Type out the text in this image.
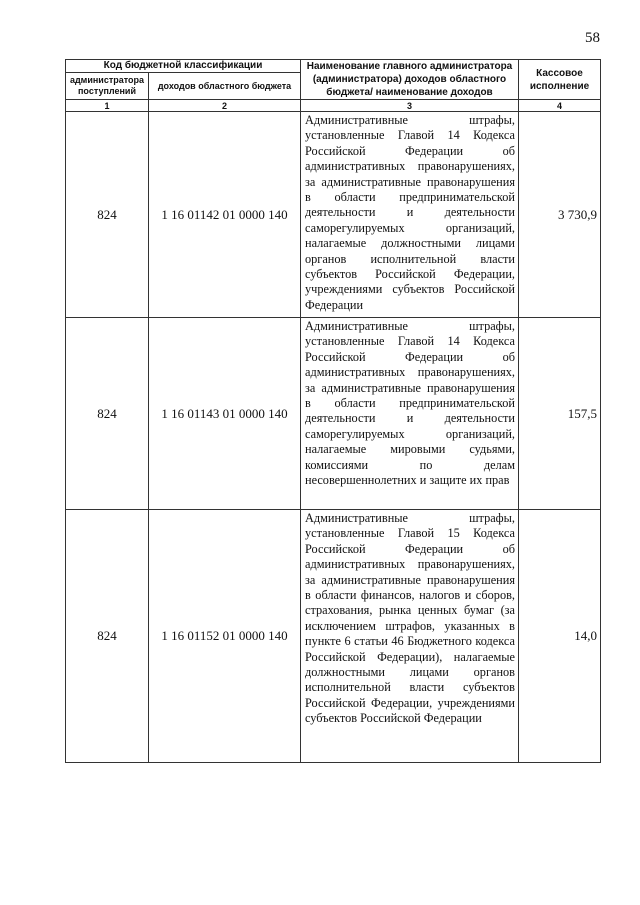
58
Код бюджетной классификации		Наименование главного администратора (администратора) доходов областного бюджета/ наименование доходов	Кассовое исполнение
администратора поступлений	доходов областного бюджета		
1	2	3	4
824	1 16 01142 01 0000 140	Административные штрафы, установленные Главой 14 Кодекса Российской Федерации об административных правонарушениях, за административные правонарушения в области предпринимательской деятельности и деятельности саморегулируемых организаций, налагаемые должностными лицами органов исполнительной власти субъектов Российской Федерации, учреждениями субъектов Российской Федерации	3 730,9
824	1 16 01143 01 0000 140	Административные штрафы, установленные Главой 14 Кодекса Российской Федерации об административных правонарушениях, за административные правонарушения в области предпринимательской деятельности и деятельности саморегулируемых организаций, налагаемые мировыми судьями, комиссиями по делам несовершеннолетних и защите их прав	157,5
824	1 16 01152 01 0000 140	Административные штрафы, установленные Главой 15 Кодекса Российской Федерации об административных правонарушениях, за административные правонарушения в области финансов, налогов и сборов, страхования, рынка ценных бумаг (за исключением штрафов, указанных в пункте 6 статьи 46 Бюджетного кодекса Российской Федерации), налагаемые должностными лицами органов исполнительной власти субъектов Российской Федерации, учреждениями субъектов Российской Федерации	14,0
